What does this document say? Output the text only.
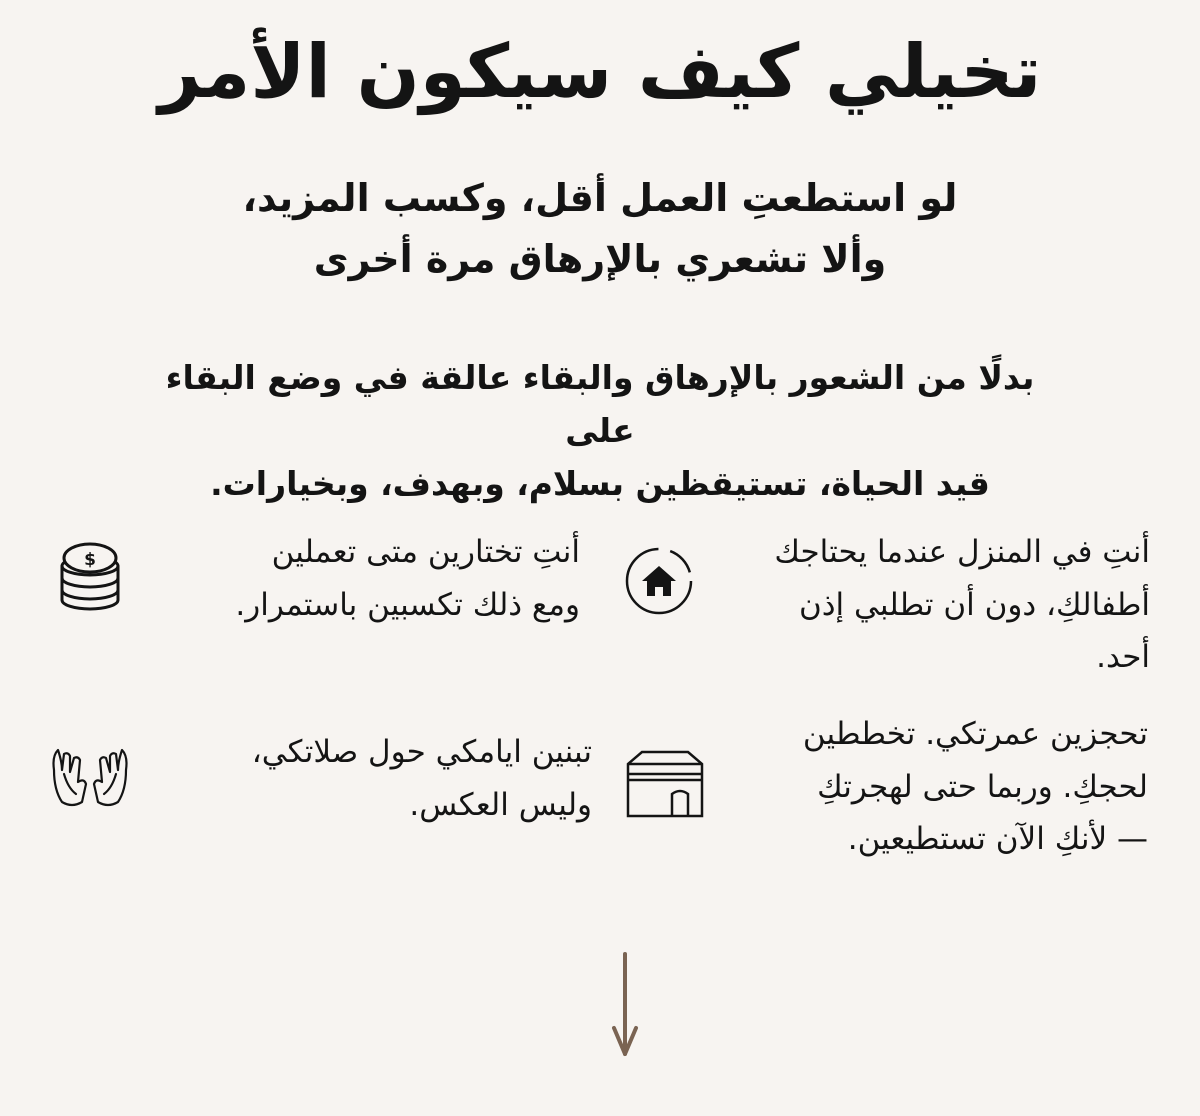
تخيلي كيف سيكون الأمر

لو استطعتِ العمل أقل، وكسب المزيد،
وألا تشعري بالإرهاق مرة أخرى

بدلًا من الشعور بالإرهاق والبقاء عالقة في وضع البقاء على
قيد الحياة، تستيقظين بسلام، وبهدف، وبخيارات.

أنتِ في المنزل عندما يحتاجك
أطفالكِ، دون أن تطلبي إذن
أحد.

أنتِ تختارين متى تعملين
ومع ذلك تكسبين باستمرار.

$

تحجزين عمرتكي. تخططين
لحجكِ. وربما حتى لهجرتكِ
— لأنكِ الآن تستطيعين.

تبنين ايامكي حول صلاتكي،
وليس العكس.
